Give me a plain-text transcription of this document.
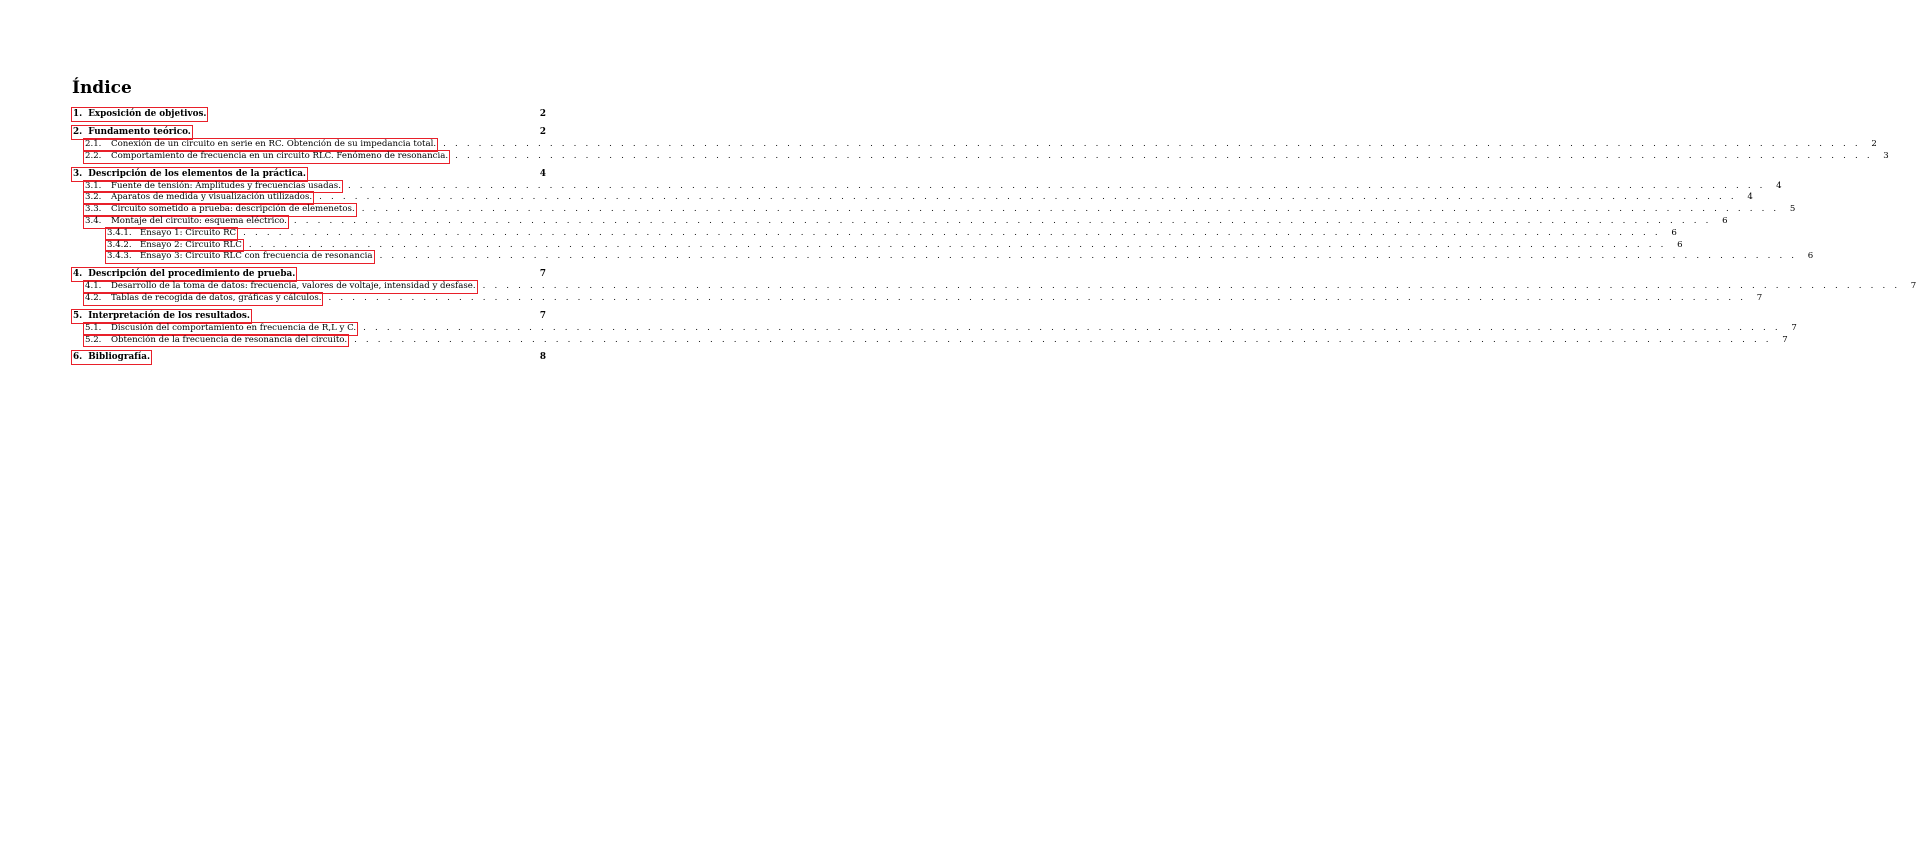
Índice
1. Exposición de objetivos.	2
2. Fundamento teórico.	2
2.1. Conexión de un circuito en serie en RC. Obtención de su impedancia total. . . . . . . . . . . . . . . . . . . . . . . . . . . . . . . . . . . . . . . . . . . . . . . . . . . . . . . . . . . . . . . . . . . . . . . . . . . . . . . . . . . . . . . . . . . . . . . . . . . . . . . . . . . . . . . . . . . . . . . . .	2
2.2. Comportamiento de frecuencia en un circuito RLC. Fenómeno de resonancia. . . . . . . . . . . . . . . . . . . . . . . . . . . . . . . . . . . . . . . . . . . . . . . . . . . . . . . . . . . . . . . . . . . . . . . . . . . . . . . . . . . . . . . . . . . . . . . . . . . . . . . . . . . . . . . . . . . . . . . . .	3
3. Descripción de los elementos de la práctica.	4
3.1. Fuente de tensión: Amplitudes y frecuencias usadas. . . . . . . . . . . . . . . . . . . . . . . . . . . . . . . . . . . . . . . . . . . . . . . . . . . . . . . . . . . . . . . . . . . . . . . . . . . . . . . . . . . . . . . . . . . . . . . . . . . . . . . . . . . . . . . . . . . . . . . . .	4
3.2. Aparatos de medida y visualización utilizados. . . . . . . . . . . . . . . . . . . . . . . . . . . . . . . . . . . . . . . . . . . . . . . . . . . . . . . . . . . . . . . . . . . . . . . . . . . . . . . . . . . . . . . . . . . . . . . . . . . . . . . . . . . . . . . . . . . . . . . . .	4
3.3. Circuito sometido a prueba: descripción de elemenetos. . . . . . . . . . . . . . . . . . . . . . . . . . . . . . . . . . . . . . . . . . . . . . . . . . . . . . . . . . . . . . . . . . . . . . . . . . . . . . . . . . . . . . . . . . . . . . . . . . . . . . . . . . . . . . . . . . . . . . . . .	5
3.4. Montaje del circuito: esquema eléctrico. . . . . . . . . . . . . . . . . . . . . . . . . . . . . . . . . . . . . . . . . . . . . . . . . . . . . . . . . . . . . . . . . . . . . . . . . . . . . . . . . . . . . . . . . . . . . . . . . . . . . . . . . . . . . . . . . . . . . . . . .	6
3.4.1. Ensayo 1: Circuito RC . . . . . . . . . . . . . . . . . . . . . . . . . . . . . . . . . . . . . . . . . . . . . . . . . . . . . . . . . . . . . . . . . . . . . . . . . . . . . . . . . . . . . . . . . . . . . . . . . . . . . . . . . . . . . . . . . . . . . . . .	6
3.4.2. Ensayo 2: Circuito RLC . . . . . . . . . . . . . . . . . . . . . . . . . . . . . . . . . . . . . . . . . . . . . . . . . . . . . . . . . . . . . . . . . . . . . . . . . . . . . . . . . . . . . . . . . . . . . . . . . . . . . . . . . . . . . . . . . . . . . . . .	6
3.4.3. Ensayo 3: Circuito RLC con frecuencia de resonancia . . . . . . . . . . . . . . . . . . . . . . . . . . . . . . . . . . . . . . . . . . . . . . . . . . . . . . . . . . . . . . . . . . . . . . . . . . . . . . . . . . . . . . . . . . . . . . . . . . . . . . . . . . . . . . . . . . . . . . . .	6
4. Descripción del procedimiento de prueba.	7
4.1. Desarrollo de la toma de datos: frecuencia, valores de voltaje, intensidad y desfase. . . . . . . . . . . . . . . . . . . . . . . . . . . . . . . . . . . . . . . . . . . . . . . . . . . . . . . . . . . . . . . . . . . . . . . . . . . . . . . . . . . . . . . . . . . . . . . . . . . . . . . . . . . . . . . . . . . . . . . . .	7
4.2. Tablas de recogida de datos, gráficas y cálculos. . . . . . . . . . . . . . . . . . . . . . . . . . . . . . . . . . . . . . . . . . . . . . . . . . . . . . . . . . . . . . . . . . . . . . . . . . . . . . . . . . . . . . . . . . . . . . . . . . . . . . . . . . . . . . . . . . . . . . . . .	7
5. Interpretación de los resultados.	7
5.1. Discusión del comportamiento en frecuencia de R,L y C. . . . . . . . . . . . . . . . . . . . . . . . . . . . . . . . . . . . . . . . . . . . . . . . . . . . . . . . . . . . . . . . . . . . . . . . . . . . . . . . . . . . . . . . . . . . . . . . . . . . . . . . . . . . . . . . . . . . . . . . .	7
5.2. Obtención de la frecuencia de resonancia del circuito. . . . . . . . . . . . . . . . . . . . . . . . . . . . . . . . . . . . . . . . . . . . . . . . . . . . . . . . . . . . . . . . . . . . . . . . . . . . . . . . . . . . . . . . . . . . . . . . . . . . . . . . . . . . . . . . . . . . . . . . .	7
6. Bibliografía.	8
